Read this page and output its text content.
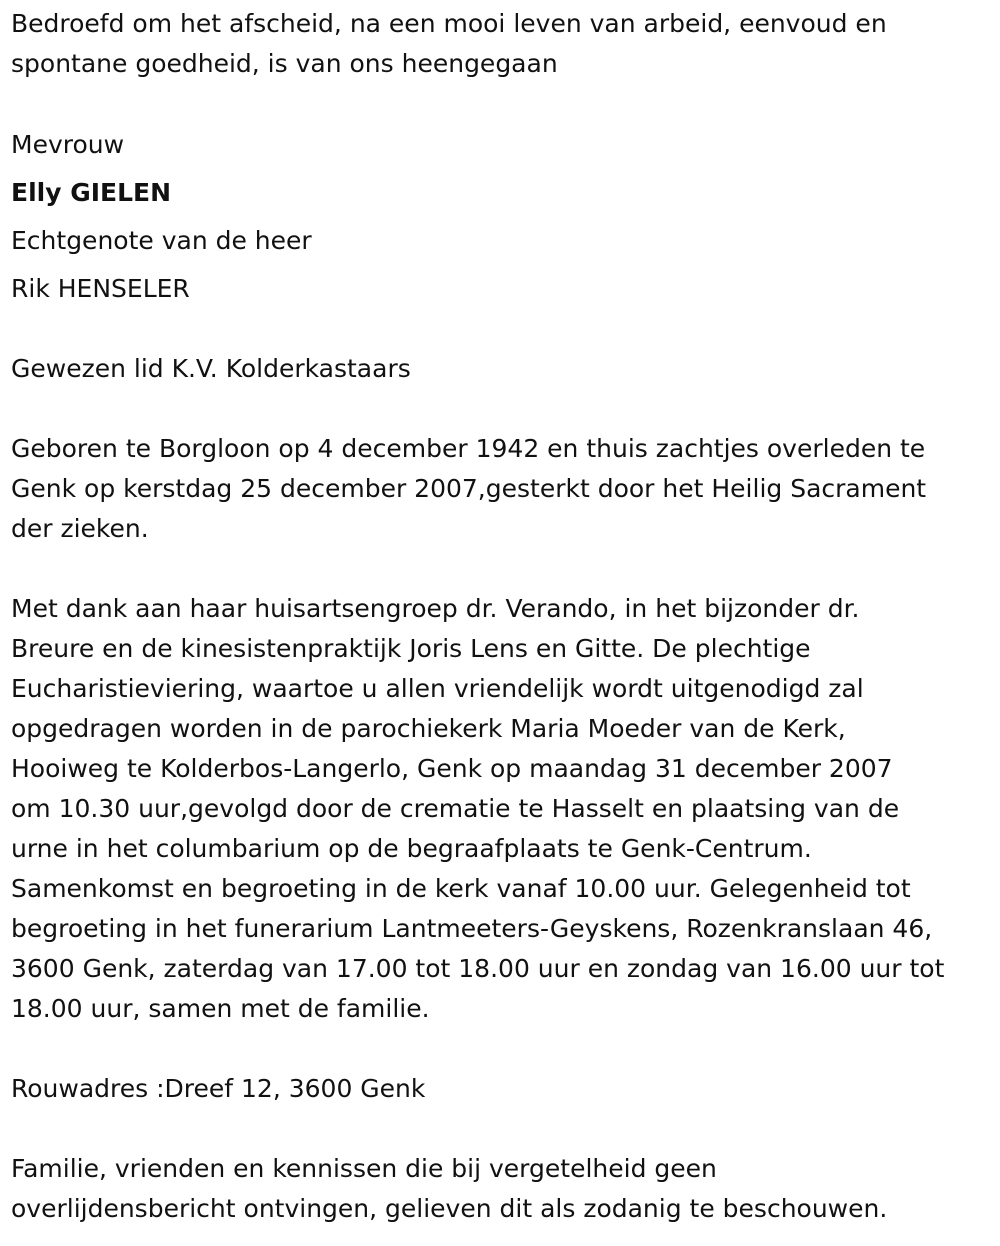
Bedroefd om het afscheid, na een mooi leven van arbeid, eenvoud en
spontane goedheid, is van ons heengegaan

Mevrouw

Elly GIELEN

Echtgenote van de heer

Rik HENSELER

Gewezen lid K.V. Kolderkastaars

Geboren te Borgloon op 4 december 1942 en thuis zachtjes overleden te
Genk op kerstdag 25 december 2007,gesterkt door het Heilig Sacrament
der zieken.

Met dank aan haar huisartsengroep dr. Verando, in het bijzonder dr.
Breure en de kinesistenpraktijk Joris Lens en Gitte. De plechtige
Eucharistieviering, waartoe u allen vriendelijk wordt uitgenodigd zal
opgedragen worden in de parochiekerk Maria Moeder van de Kerk,
Hooiweg te Kolderbos-Langerlo, Genk op maandag 31 december 2007
om 10.30 uur,gevolgd door de crematie te Hasselt en plaatsing van de
urne in het columbarium op de begraafplaats te Genk-Centrum.
Samenkomst en begroeting in de kerk vanaf 10.00 uur. Gelegenheid tot
begroeting in het funerarium Lantmeeters-Geyskens, Rozenkranslaan 46,
3600 Genk, zaterdag van 17.00 tot 18.00 uur en zondag van 16.00 uur tot
18.00 uur, samen met de familie.

Rouwadres :Dreef 12, 3600 Genk

Familie, vrienden en kennissen die bij vergetelheid geen
overlijdensbericht ontvingen, gelieven dit als zodanig te beschouwen.
